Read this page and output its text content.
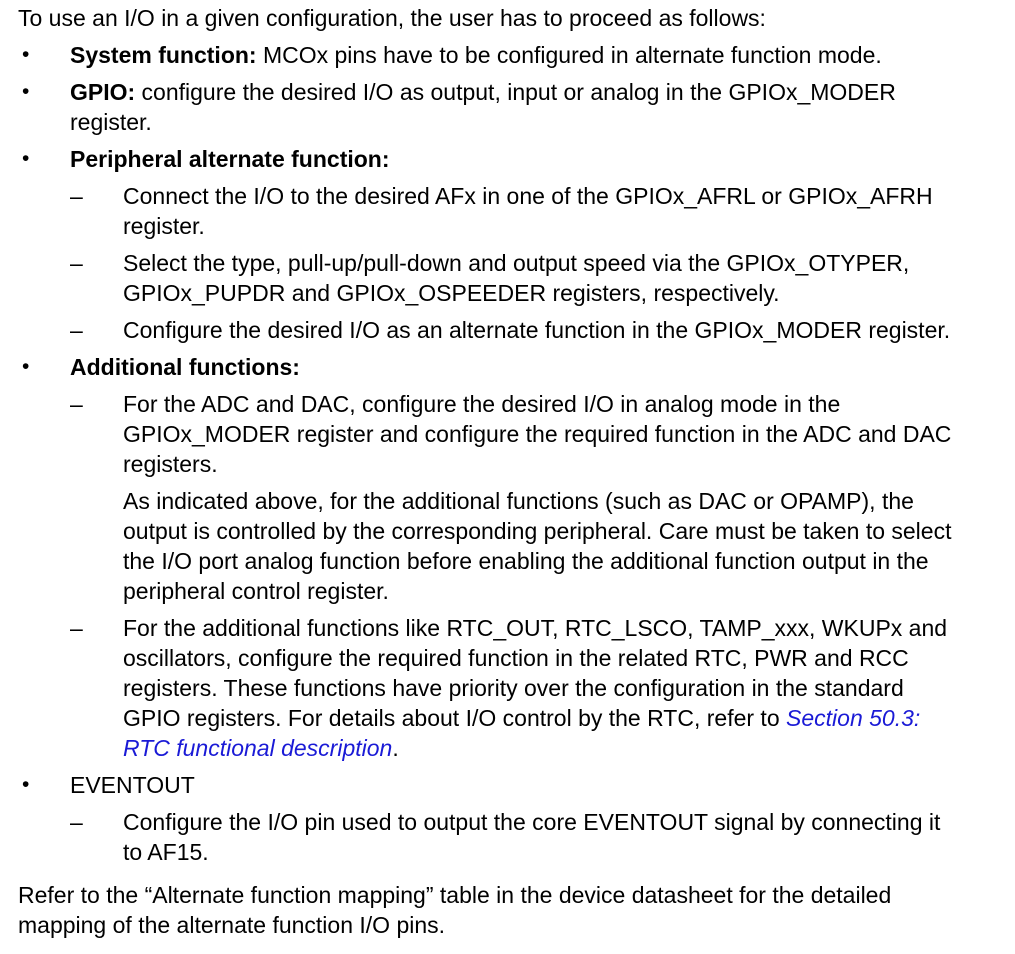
To use an I/O in a given configuration, the user has to proceed as follows:

• System function: MCOx pins have to be configured in alternate function mode.
• GPIO: configure the desired I/O as output, input or analog in the GPIOx_MODER
register.
• Peripheral alternate function:
– Connect the I/O to the desired AFx in one of the GPIOx_AFRL or GPIOx_AFRH
register.
– Select the type, pull-up/pull-down and output speed via the GPIOx_OTYPER,
GPIOx_PUPDR and GPIOx_OSPEEDER registers, respectively.
– Configure the desired I/O as an alternate function in the GPIOx_MODER register.
• Additional functions:
– For the ADC and DAC, configure the desired I/O in analog mode in the
GPIOx_MODER register and configure the required function in the ADC and DAC
registers.
As indicated above, for the additional functions (such as DAC or OPAMP), the
output is controlled by the corresponding peripheral. Care must be taken to select
the I/O port analog function before enabling the additional function output in the
peripheral control register.
– For the additional functions like RTC_OUT, RTC_LSCO, TAMP_xxx, WKUPx and
oscillators, configure the required function in the related RTC, PWR and RCC
registers. These functions have priority over the configuration in the standard
GPIO registers. For details about I/O control by the RTC, refer to Section 50.3:
RTC functional description.
• EVENTOUT
– Configure the I/O pin used to output the core EVENTOUT signal by connecting it
to AF15.
Refer to the “Alternate function mapping” table in the device datasheet for the detailed
mapping of the alternate function I/O pins.
